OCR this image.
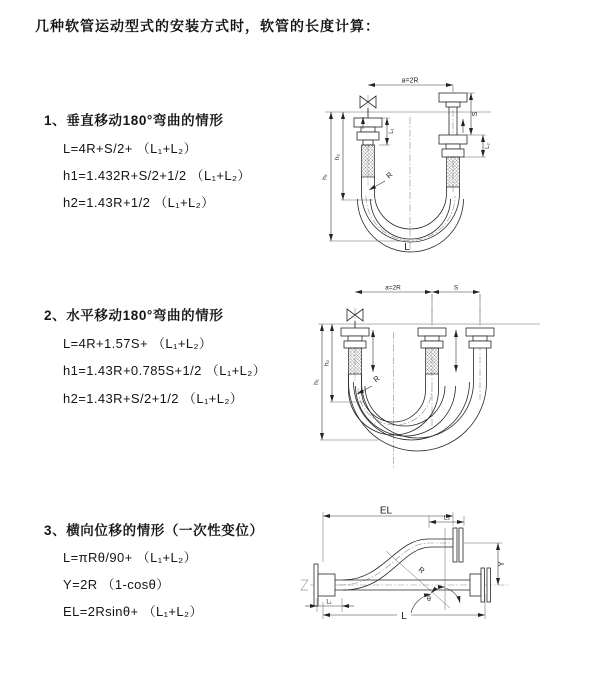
几种软管运动型式的安装方式时，软管的长度计算：
1、垂直移动180°弯曲的情形
L=4R+S/2+ （L₁+L₂）
h1=1.432R+S/2+1/2 （L₁+L₂）
h2=1.43R+1/2 （L₁+L₂）
2、水平移动180°弯曲的情形
L=4R+1.57S+ （L₁+L₂）
h1=1.43R+0.785S+1/2 （L₁+L₂）
h2=1.43R+S/2+1/2 （L₁+L₂）
3、横向位移的情形（一次性变位）
L=πRθ/90+ （L₁+L₂）
Y=2R （1-cosθ）
EL=2Rsinθ+ （L₁+L₂）
a=2R
h₁
h₂
L₁
S
L₂
R
L
a=2R	S
h₁
h₂
R
EL
L₂
Y
θ
R
L₁
L
